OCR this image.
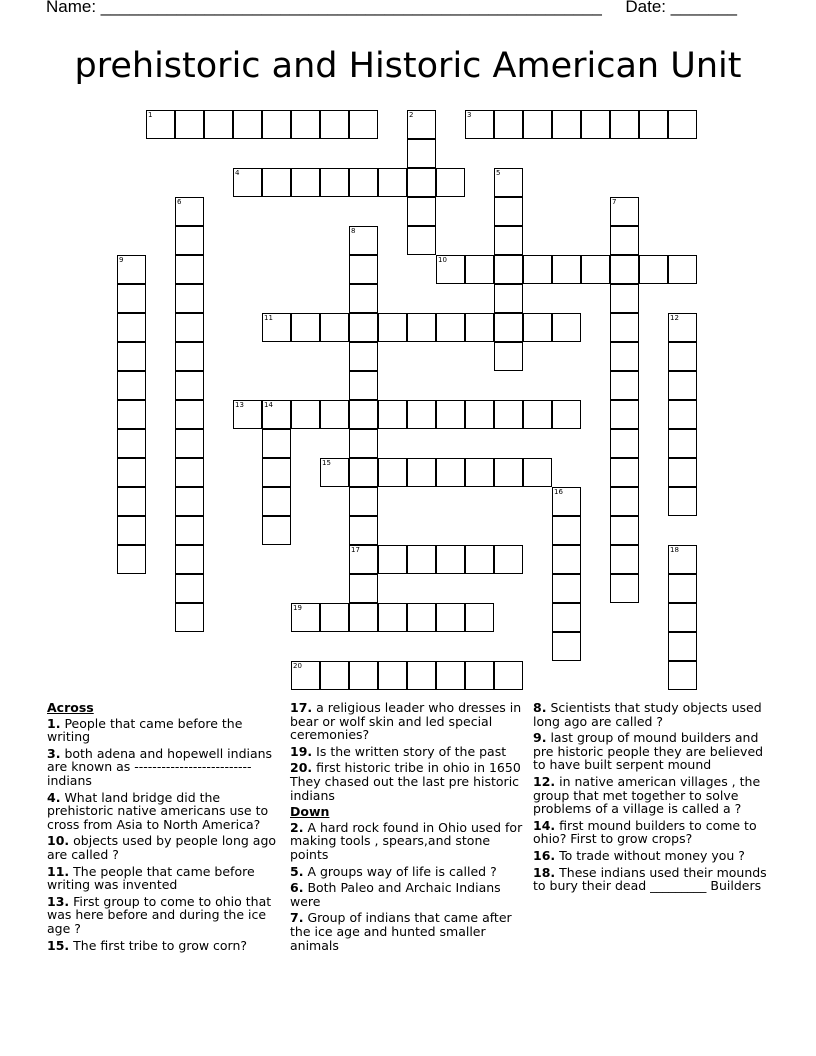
Name: _____________________________________________________ Date: _______
prehistoric and Historic American Unit
1	2	3
4	5
6	7
8
17
9	10
11	12
13	14
15
16
18
19
20
Across
1. People that came before the writing
3. both adena and hopewell indians are known as -------------------------- indians
4. What land bridge did the prehistoric native americans use to cross from Asia to North America?
10. objects used by people long ago are called ?
11. The people that came before writing was invented
13. First group to come to ohio that was here before and during the ice age ?
15. The first tribe to grow corn?
17. a religious leader who dresses in bear or wolf skin and led special ceremonies?
19. Is the written story of the past
20. first historic tribe in ohio in 1650 They chased out the last pre historic indians
Down
2. A hard rock found in Ohio used for making tools , spears,and stone points
5. A groups way of life is called ?
6. Both Paleo and Archaic Indians were
7. Group of indians that came after the ice age and hunted smaller animals
8. Scientists that study objects used long ago are called ?
9. last group of mound builders and pre historic people they are believed to have built serpent mound
12. in native american villages , the group that met together to solve problems of a village is called a ?
14. first mound builders to come to ohio? First to grow crops?
16. To trade without money you ?
18. These indians used their mounds to bury their dead _________ Builders
